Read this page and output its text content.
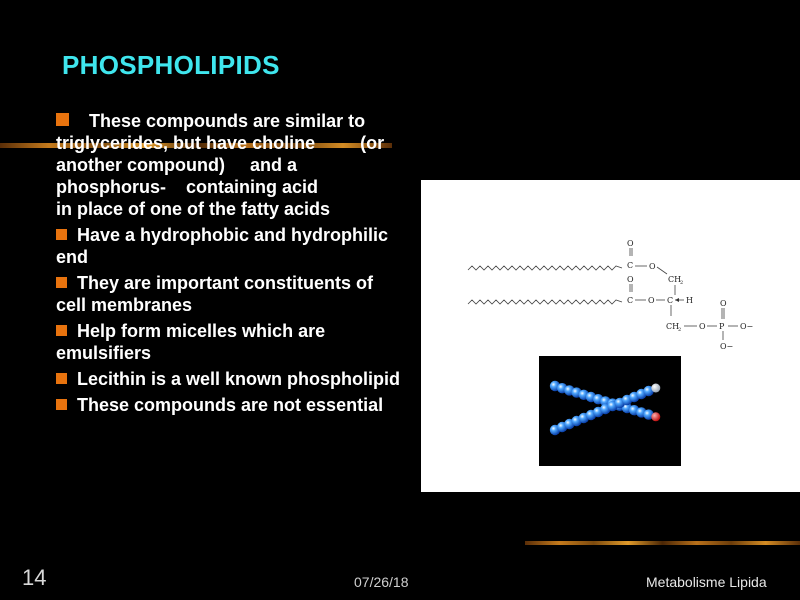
PHOSPHOLIPIDS
These compounds are similar to triglycerides, but have choline         (or another compound)     and a phosphorus-    containing acid              in place of one of the fatty acids
Have a hydrophobic and hydrophilic end
They are important constituents of cell membranes
Help form micelles which are             emulsifiers
Lecithin is a well known phospholipid
These compounds are not essential
O
C O
CH
2
O
C O C H
CH
2 O P
O
O−
O−
14	07/26/18	Metabolisme Lipida
